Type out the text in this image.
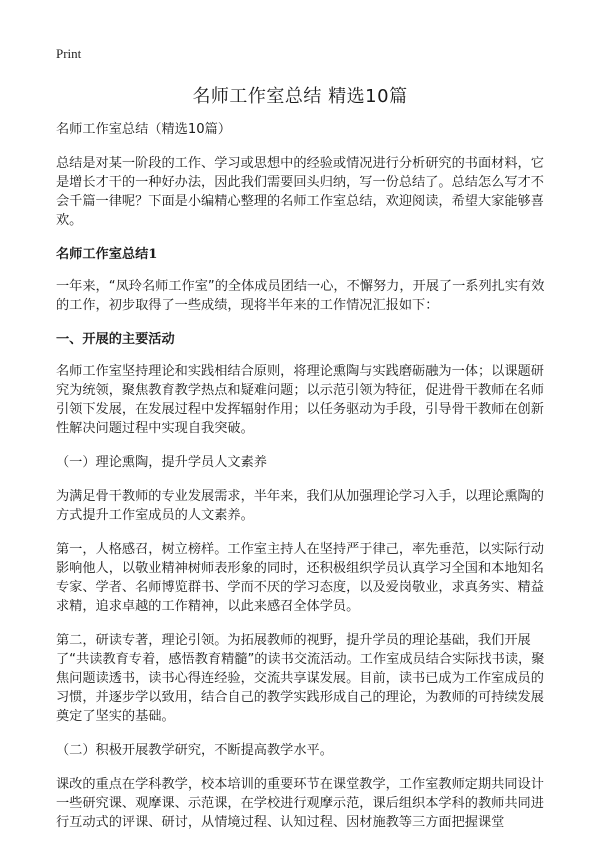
Print
名师工作室总结 精选10篇

名师工作室总结（精选10篇）

总结是对某一阶段的工作、学习或思想中的经验或情况进行分析研究的书面材料，它是增长才干的一种好办法，因此我们需要回头归纳，写一份总结了。总结怎么写才不会千篇一律呢？下面是小编精心整理的名师工作室总结，欢迎阅读，希望大家能够喜欢。

名师工作室总结1

一年来，“凤玲名师工作室”的全体成员团结一心，不懈努力，开展了一系列扎实有效的工作，初步取得了一些成绩，现将半年来的工作情况汇报如下：

一、开展的主要活动

名师工作室坚持理论和实践相结合原则，将理论熏陶与实践磨砺融为一体；以课题研究为统领，聚焦教育教学热点和疑难问题；以示范引领为特征，促进骨干教师在名师引领下发展，在发展过程中发挥辐射作用；以任务驱动为手段，引导骨干教师在创新性解决问题过程中实现自我突破。

（一）理论熏陶，提升学员人文素养

为满足骨干教师的专业发展需求，半年来，我们从加强理论学习入手，以理论熏陶的方式提升工作室成员的人文素养。

第一，人格感召，树立榜样。工作室主持人在坚持严于律己，率先垂范，以实际行动影响他人，以敬业精神树师表形象的同时，还积极组织学员认真学习全国和本地知名专家、学者、名师博览群书、学而不厌的学习态度，以及爱岗敬业，求真务实、精益求精，追求卓越的工作精神，以此来感召全体学员。

第二，研读专著，理论引领。为拓展教师的视野，提升学员的理论基础，我们开展了“共读教育专着，感悟教育精髓”的读书交流活动。工作室成员结合实际找书读，聚焦问题读透书，读书心得连经验，交流共享谋发展。目前，读书已成为工作室成员的习惯，并逐步学以致用，结合自己的教学实践形成自己的理论，为教师的可持续发展奠定了坚实的基础。

（二）积极开展教学研究，不断提高教学水平。

课改的重点在学科教学，校本培训的重要环节在课堂教学，工作室教师定期共同设计一些研究课、观摩课、示范课，在学校进行观摩示范，课后组织本学科的教师共同进行互动式的评课、研讨，从情境过程、认知过程、因材施教等三方面把握课堂
